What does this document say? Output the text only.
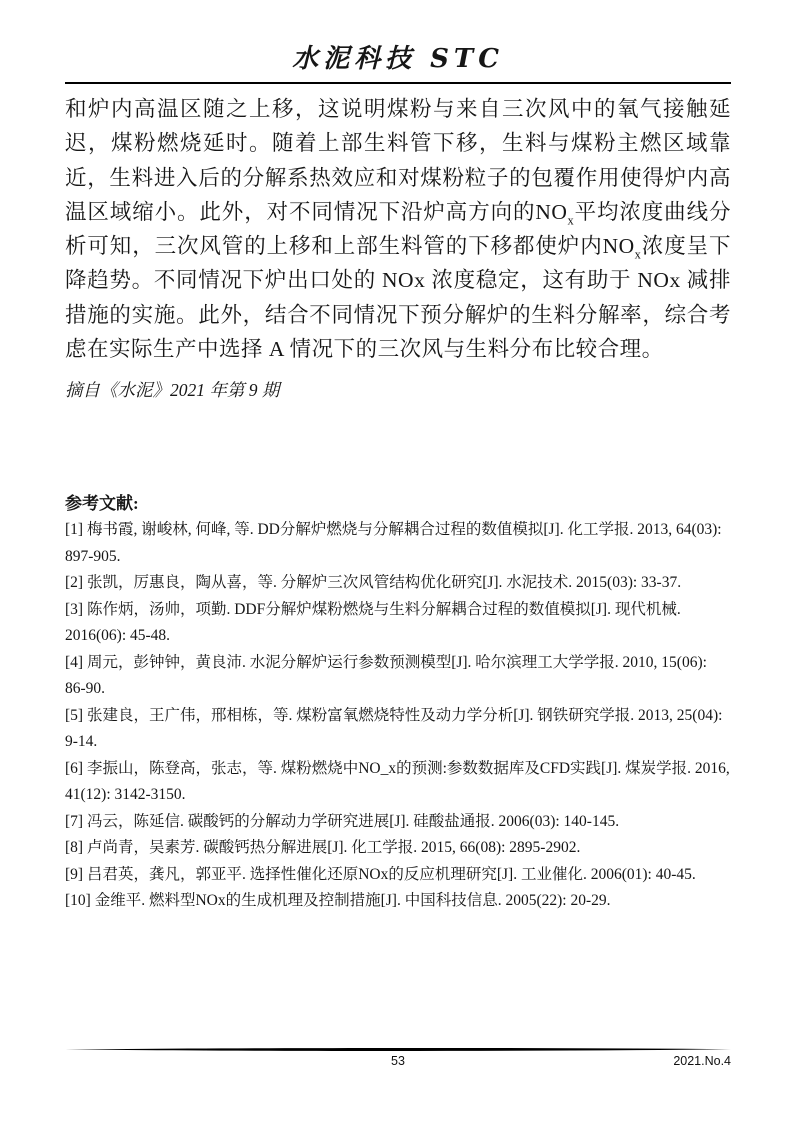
水泥科技 STC
和炉内高温区随之上移，这说明煤粉与来自三次风中的氧气接触延迟，煤粉燃烧延时。随着上部生料管下移，生料与煤粉主燃区域靠近，生料进入后的分解系热效应和对煤粉粒子的包覆作用使得炉内高温区域缩小。此外，对不同情况下沿炉高方向的$NO_x$平均浓度曲线分析可知，三次风管的上移和上部生料管的下移都使炉内$NO_x$浓度呈下降趋势。不同情况下炉出口处的 NOx 浓度稳定，这有助于 NOx 减排措施的实施。此外，结合不同情况下预分解炉的生料分解率，综合考虑在实际生产中选择 A 情况下的三次风与生料分布比较合理。
摘自《水泥》2021 年第 9 期
参考文献:
[1] 梅书霞, 谢峻林, 何峰, 等. DD分解炉燃烧与分解耦合过程的数值模拟[J]. 化工学报. 2013, 64(03): 897-905.
[2] 张凯，厉惠良，陶从喜，等. 分解炉三次风管结构优化研究[J]. 水泥技术. 2015(03): 33-37.
[3] 陈作炳，汤帅，项勤. DDF分解炉煤粉燃烧与生料分解耦合过程的数值模拟[J]. 现代机械. 2016(06): 45-48.
[4] 周元，彭钟钟，黄良沛. 水泥分解炉运行参数预测模型[J]. 哈尔滨理工大学学报. 2010, 15(06): 86-90.
[5] 张建良，王广伟，邢相栋，等. 煤粉富氧燃烧特性及动力学分析[J]. 钢铁研究学报. 2013, 25(04): 9-14.
[6] 李振山，陈登高，张志，等. 煤粉燃烧中NO_x的预测:参数数据库及CFD实践[J]. 煤炭学报. 2016, 41(12): 3142-3150.
[7] 冯云，陈延信. 碳酸钙的分解动力学研究进展[J]. 硅酸盐通报. 2006(03): 140-145.
[8] 卢尚青，吴素芳. 碳酸钙热分解进展[J]. 化工学报. 2015, 66(08): 2895-2902.
[9] 吕君英，龚凡，郭亚平. 选择性催化还原NOx的反应机理研究[J]. 工业催化. 2006(01): 40-45.
[10] 金维平. 燃料型NOx的生成机理及控制措施[J]. 中国科技信息. 2005(22): 20-29.
53	2021.No.4
